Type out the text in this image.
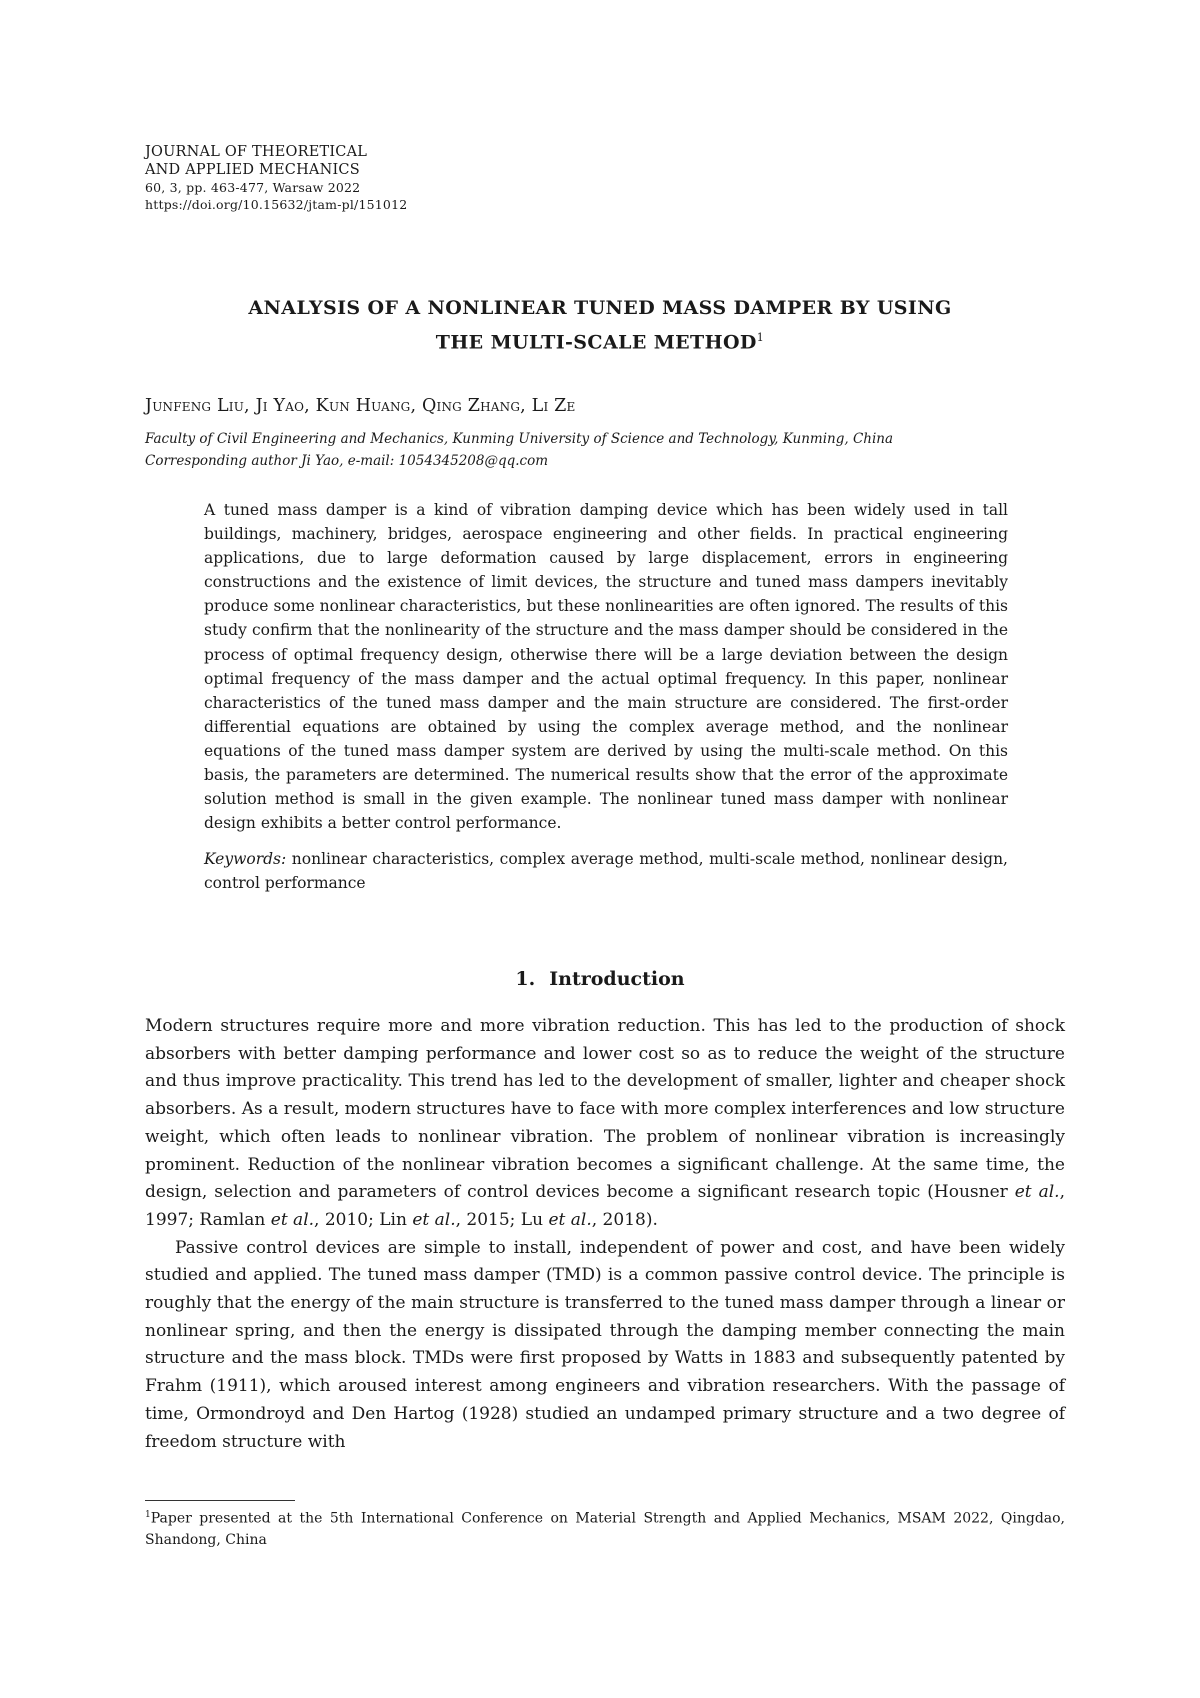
JOURNAL OF THEORETICAL
AND APPLIED MECHANICS
60, 3, pp. 463-477, Warsaw 2022
https://doi.org/10.15632/jtam-pl/151012
ANALYSIS OF A NONLINEAR TUNED MASS DAMPER BY USING
THE MULTI-SCALE METHOD$^1$
Junfeng Liu, Ji Yao, Kun Huang, Qing Zhang, Li Ze
Faculty of Civil Engineering and Mechanics, Kunming University of Science and Technology, Kunming, China
Corresponding author Ji Yao, e-mail: 1054345208@qq.com

A tuned mass damper is a kind of vibration damping device which has been widely used in tall buildings, machinery, bridges, aerospace engineering and other fields. In practical engineering applications, due to large deformation caused by large displacement, errors in engineering constructions and the existence of limit devices, the structure and tuned mass dampers inevitably produce some nonlinear characteristics, but these nonlinearities are often ignored. The results of this study confirm that the nonlinearity of the structure and the mass damper should be considered in the process of optimal frequency design, otherwise there will be a large deviation between the design optimal frequency of the mass damper and the actual optimal frequency. In this paper, nonlinear characteristics of the tuned mass damper and the main structure are considered. The first-order differential equations are obtained by using the complex average method, and the nonlinear equations of the tuned mass damper system are derived by using the multi-scale method. On this basis, the parameters are determined. The numerical results show that the error of the approximate solution method is small in the given example. The nonlinear tuned mass damper with nonlinear design exhibits a better control performance.

Keywords: nonlinear characteristics, complex average method, multi-scale method, nonlinear design, control performance

1. Introduction

Modern structures require more and more vibration reduction. This has led to the production of shock absorbers with better damping performance and lower cost so as to reduce the weight of the structure and thus improve practicality. This trend has led to the development of smaller, lighter and cheaper shock absorbers. As a result, modern structures have to face with more complex interferences and low structure weight, which often leads to nonlinear vibration. The problem of nonlinear vibration is increasingly prominent. Reduction of the nonlinear vibration becomes a significant challenge. At the same time, the design, selection and parameters of control devices become a significant research topic (Housner et al., 1997; Ramlan et al., 2010; Lin et al., 2015; Lu et al., 2018).

Passive control devices are simple to install, independent of power and cost, and have been widely studied and applied. The tuned mass damper (TMD) is a common passive control device. The principle is roughly that the energy of the main structure is transferred to the tuned mass damper through a linear or nonlinear spring, and then the energy is dissipated through the damping member connecting the main structure and the mass block. TMDs were first proposed by Watts in 1883 and subsequently patented by Frahm (1911), which aroused interest among engineers and vibration researchers. With the passage of time, Ormondroyd and Den Hartog (1928) studied an undamped primary structure and a two degree of freedom structure with

$^1$Paper presented at the 5th International Conference on Material Strength and Applied Mechanics, MSAM 2022, Qingdao, Shandong, China
